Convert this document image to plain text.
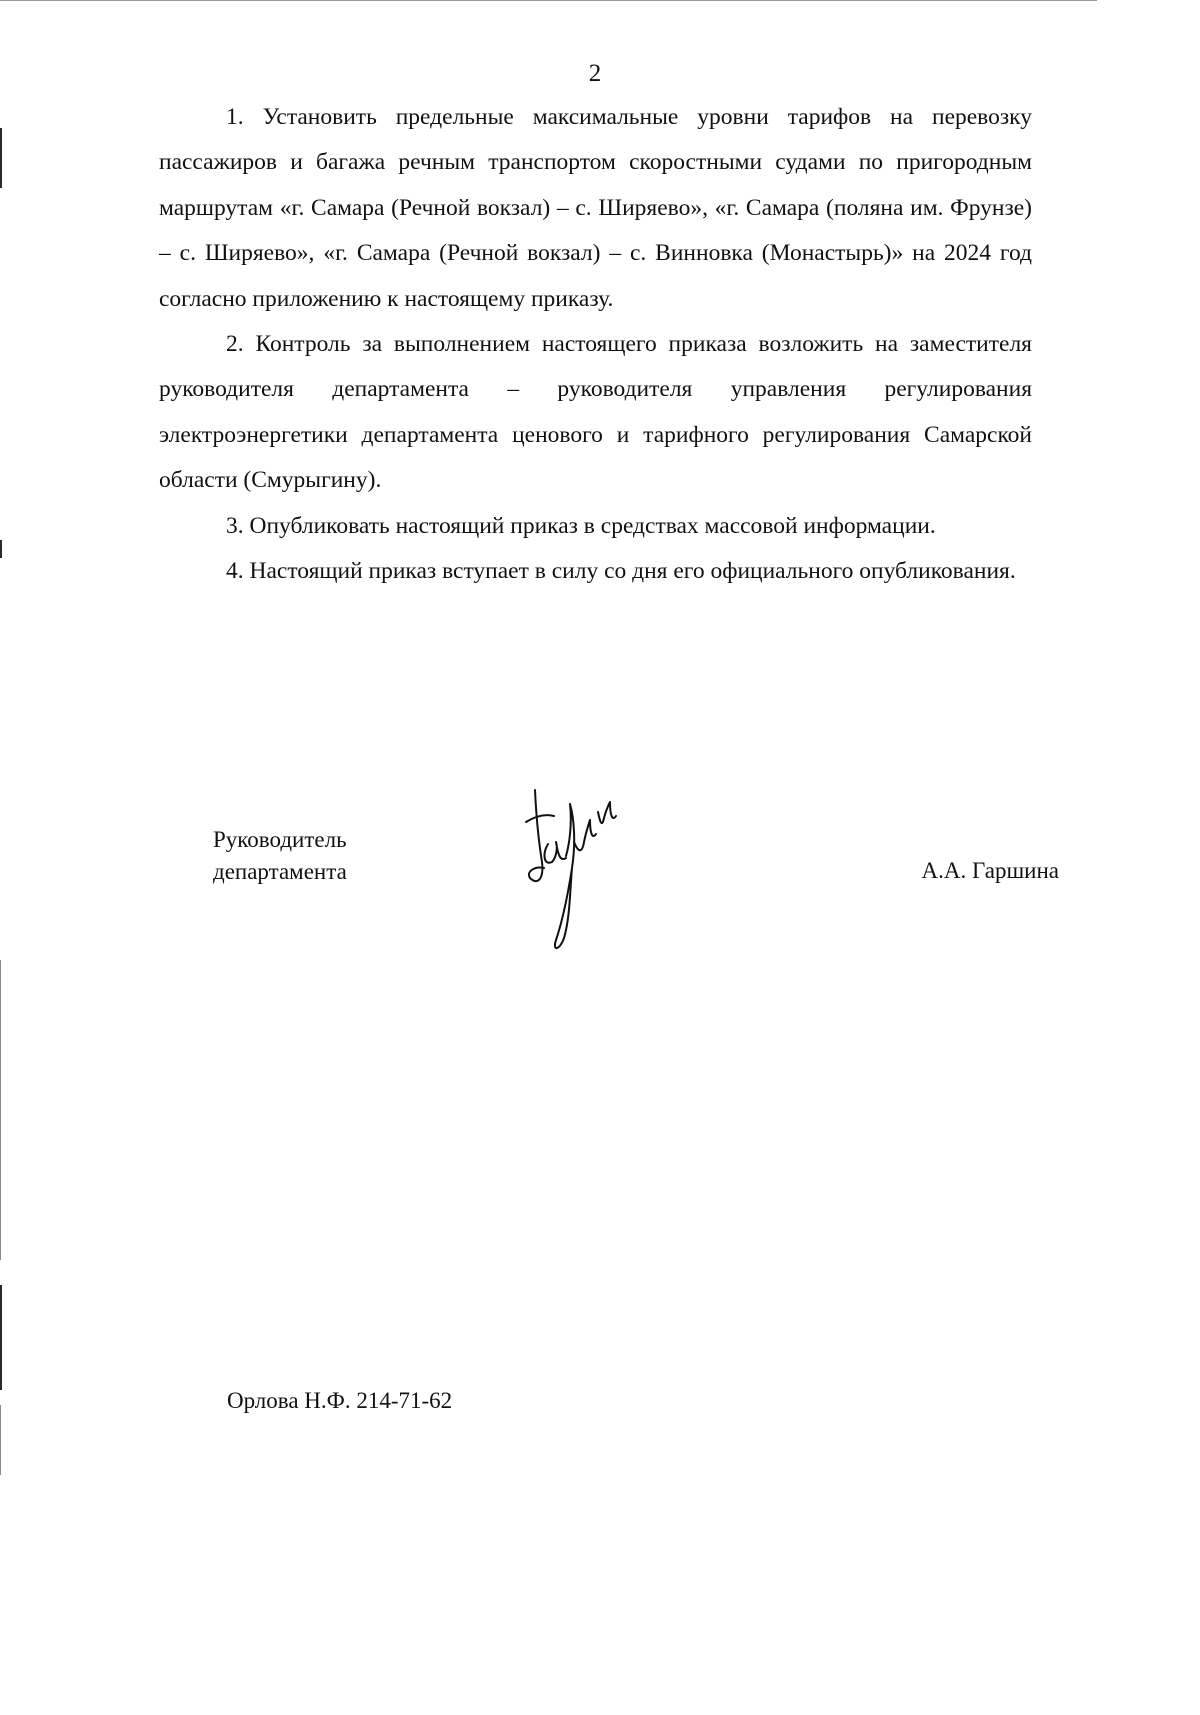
2

1. Установить предельные максимальные уровни тарифов на перевозку пассажиров и багажа речным транспортом скоростными судами по пригородным маршрутам «г. Самара (Речной вокзал) – с. Ширяево», «г. Самара (поляна им. Фрунзе) – с. Ширяево», «г. Самара (Речной вокзал) – с. Винновка (Монастырь)» на 2024 год согласно приложению к настоящему приказу.

2. Контроль за выполнением настоящего приказа возложить на заместителя руководителя департамента – руководителя управления регулирования электроэнергетики департамента ценового и тарифного регулирования Самарской области (Смурыгину).

3. Опубликовать настоящий приказ в средствах массовой информации.

4. Настоящий приказ вступает в силу со дня его официального опубликования.

Руководитель
департамента	А.А. Гаршина
Орлова Н.Ф. 214-71-62
